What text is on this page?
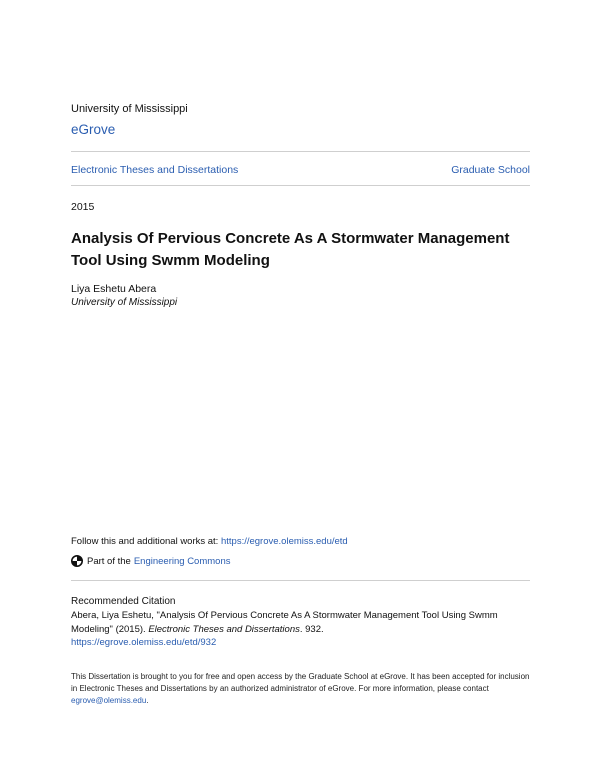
University of Mississippi
eGrove
Electronic Theses and Dissertations	Graduate School
2015
Analysis Of Pervious Concrete As A Stormwater Management Tool Using Swmm Modeling
Liya Eshetu Abera
University of Mississippi
Follow this and additional works at: https://egrove.olemiss.edu/etd
Part of the Engineering Commons
Recommended Citation
Abera, Liya Eshetu, "Analysis Of Pervious Concrete As A Stormwater Management Tool Using Swmm Modeling" (2015). Electronic Theses and Dissertations. 932.
https://egrove.olemiss.edu/etd/932
This Dissertation is brought to you for free and open access by the Graduate School at eGrove. It has been accepted for inclusion in Electronic Theses and Dissertations by an authorized administrator of eGrove. For more information, please contact egrove@olemiss.edu.
